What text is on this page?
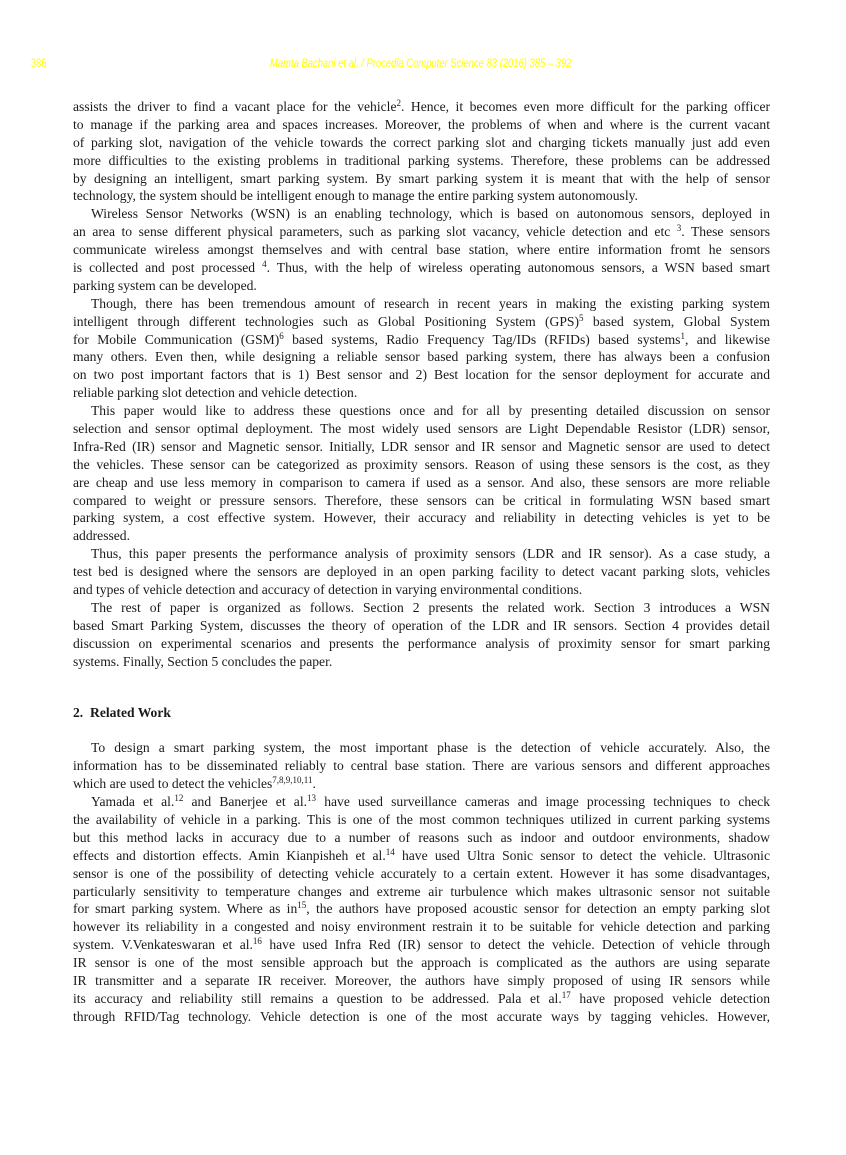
386	Mamta Bachani et al. / Procedia Computer Science 83 (2016) 385 – 392
assists the driver to find a vacant place for the vehicle$^2$. Hence, it becomes even more difficult for the parking officer
to manage if the parking area and spaces increases. Moreover, the problems of when and where is the current vacant
of parking slot, navigation of the vehicle towards the correct parking slot and charging tickets manually just add even
more difficulties to the existing problems in traditional parking systems. Therefore, these problems can be addressed
by designing an intelligent, smart parking system. By smart parking system it is meant that with the help of sensor
technology, the system should be intelligent enough to manage the entire parking system autonomously.
Wireless Sensor Networks (WSN) is an enabling technology, which is based on autonomous sensors, deployed in
an area to sense different physical parameters, such as parking slot vacancy, vehicle detection and etc $^3$. These sensors
communicate wireless amongst themselves and with central base station, where entire information fromt he sensors
is collected and post processed $^4$. Thus, with the help of wireless operating autonomous sensors, a WSN based smart
parking system can be developed.
Though, there has been tremendous amount of research in recent years in making the existing parking system
intelligent through different technologies such as Global Positioning System (GPS)$^5$ based system, Global System
for Mobile Communication (GSM)$^6$ based systems, Radio Frequency Tag/IDs (RFIDs) based systems$^1$, and likewise
many others. Even then, while designing a reliable sensor based parking system, there has always been a confusion
on two post important factors that is 1) Best sensor and 2) Best location for the sensor deployment for accurate and
reliable parking slot detection and vehicle detection.
This paper would like to address these questions once and for all by presenting detailed discussion on sensor
selection and sensor optimal deployment. The most widely used sensors are Light Dependable Resistor (LDR) sensor,
Infra-Red (IR) sensor and Magnetic sensor. Initially, LDR sensor and IR sensor and Magnetic sensor are used to detect
the vehicles. These sensor can be categorized as proximity sensors. Reason of using these sensors is the cost, as they
are cheap and use less memory in comparison to camera if used as a sensor. And also, these sensors are more reliable
compared to weight or pressure sensors. Therefore, these sensors can be critical in formulating WSN based smart
parking system, a cost effective system. However, their accuracy and reliability in detecting vehicles is yet to be
addressed.
Thus, this paper presents the performance analysis of proximity sensors (LDR and IR sensor). As a case study, a
test bed is designed where the sensors are deployed in an open parking facility to detect vacant parking slots, vehicles
and types of vehicle detection and accuracy of detection in varying environmental conditions.
The rest of paper is organized as follows. Section 2 presents the related work. Section 3 introduces a WSN
based Smart Parking System, discusses the theory of operation of the LDR and IR sensors. Section 4 provides detail
discussion on experimental scenarios and presents the performance analysis of proximity sensor for smart parking
systems. Finally, Section 5 concludes the paper.
2. Related Work
To design a smart parking system, the most important phase is the detection of vehicle accurately. Also, the
information has to be disseminated reliably to central base station. There are various sensors and different approaches
which are used to detect the vehicles$^{7,8,9,10,11}$.
Yamada et al.$^{12}$ and Banerjee et al.$^{13}$ have used surveillance cameras and image processing techniques to check
the availability of vehicle in a parking. This is one of the most common techniques utilized in current parking systems
but this method lacks in accuracy due to a number of reasons such as indoor and outdoor environments, shadow
effects and distortion effects. Amin Kianpisheh et al.$^{14}$ have used Ultra Sonic sensor to detect the vehicle. Ultrasonic
sensor is one of the possibility of detecting vehicle accurately to a certain extent. However it has some disadvantages,
particularly sensitivity to temperature changes and extreme air turbulence which makes ultrasonic sensor not suitable
for smart parking system. Where as $in^{15}$, the authors have proposed acoustic sensor for detection an empty parking slot
however its reliability in a congested and noisy environment restrain it to be suitable for vehicle detection and parking
system. V.Venkateswaran et al.$^{16}$ have used Infra Red (IR) sensor to detect the vehicle. Detection of vehicle through
IR sensor is one of the most sensible approach but the approach is complicated as the authors are using separate
IR transmitter and a separate IR receiver. Moreover, the authors have simply proposed of using IR sensors while
its accuracy and reliability still remains a question to be addressed. Pala et al.$^{17}$ have proposed vehicle detection
through RFID/Tag technology. Vehicle detection is one of the most accurate ways by tagging vehicles. However,
